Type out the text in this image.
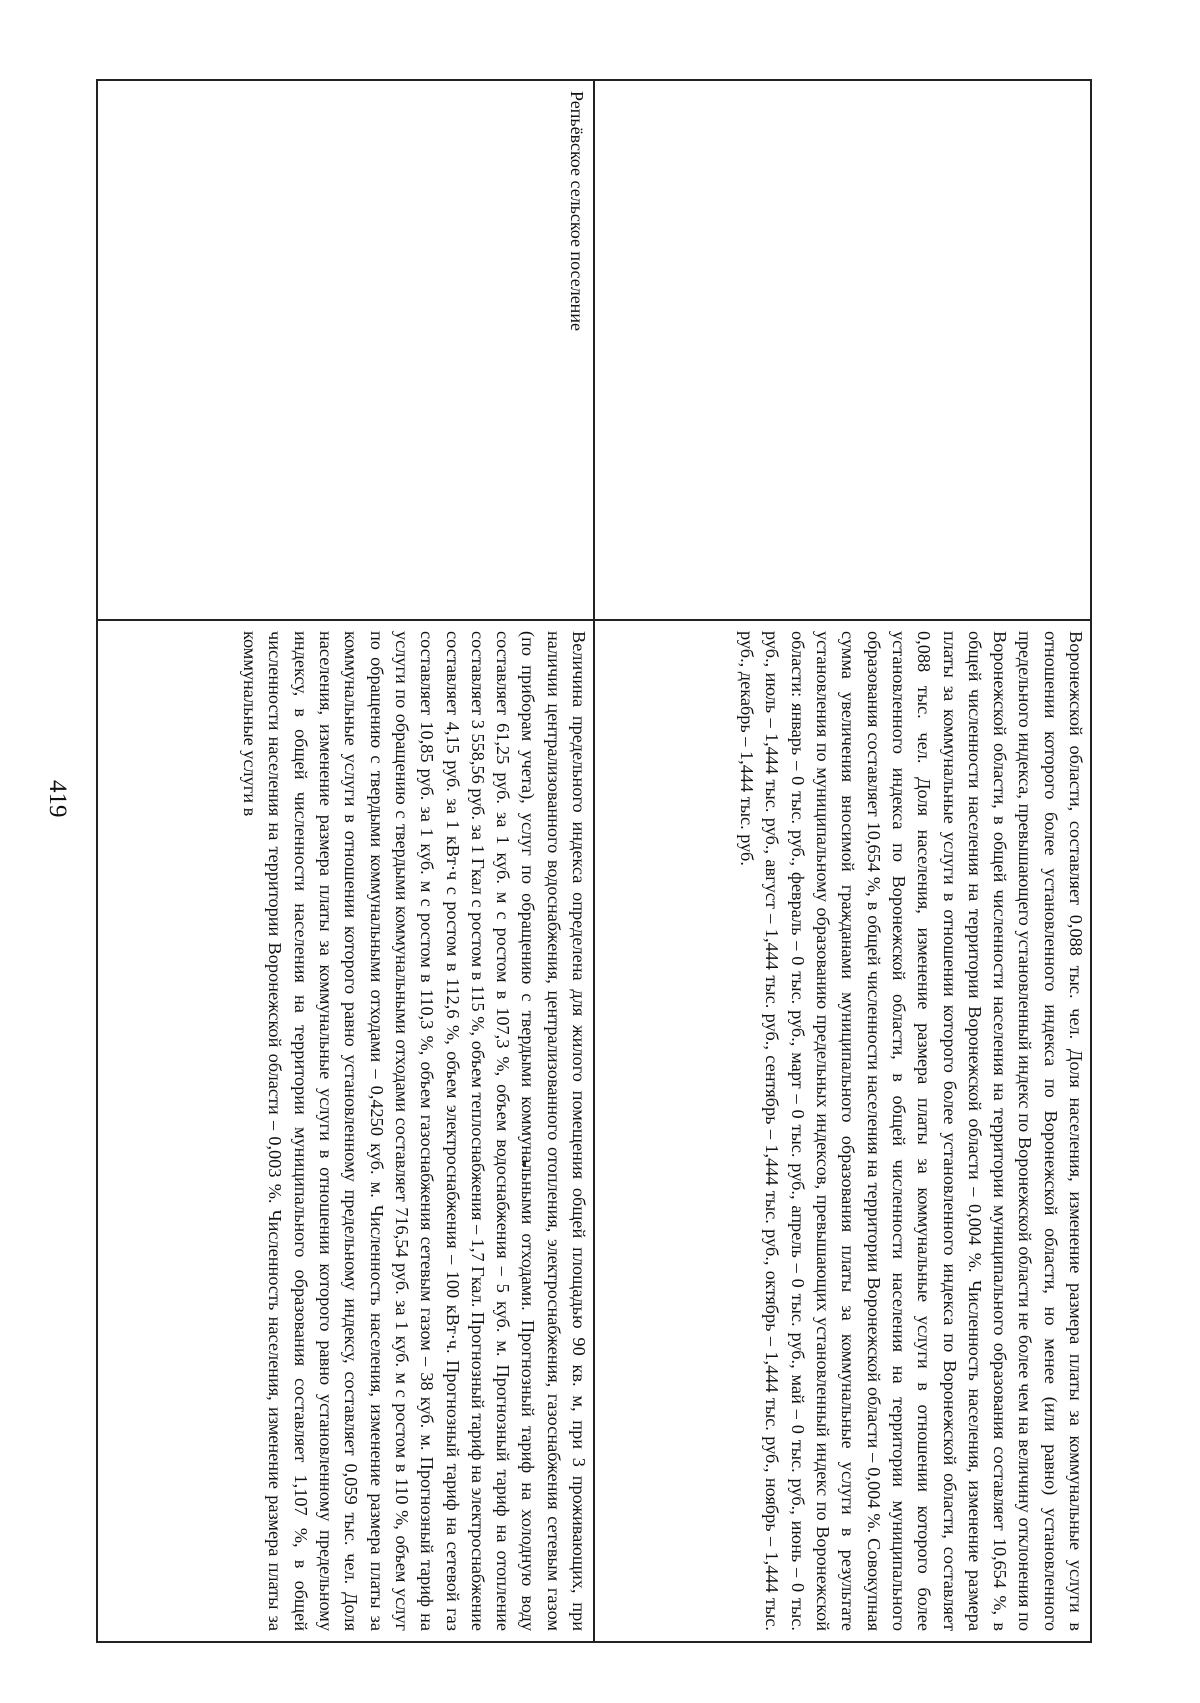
419	Воронежской области, составляет 0,088 тыс. чел. Доля населения, изменение размера платы за коммунальные услуги в отношении которого более установленного индекса по Воронежской области, но менее (или равно) установленного предельного индекса, превышающего установленный индекс по Воронежской области не более чем на величину отклонения по Воронежской области, в общей численности населения на территории муниципального образования составляет 10,654 %, в общей численности населения на территории Воронежской области – 0,004 %. Численность населения, изменение размера платы за коммунальные услуги в отношении которого более установленного индекса по Воронежской области, составляет 0,088 тыс. чел. Доля населения, изменение размера платы за коммунальные услуги в отношении которого более установленного индекса по Воронежской области, в общей численности населения на территории муниципального образования составляет 10,654 %, в общей численности населения на территории Воронежской области – 0,004 %. Совокупная сумма увеличения вносимой гражданами муниципального образования платы за коммунальные услуги в результате установления по муниципальному образованию предельных индексов, превышающих установленный индекс по Воронежской области: январь – 0 тыс. руб., февраль – 0 тыс. руб., март – 0 тыс. руб., апрель – 0 тыс. руб., май – 0 тыс. руб., июнь – 0 тыс. руб., июль – 1,444 тыс. руб., август – 1,444 тыс. руб., сентябрь – 1,444 тыс. руб., октябрь – 1,444 тыс. руб., ноябрь – 1,444 тыс. руб., декабрь – 1,444 тыс. руб.
Репьёвское сельское поселение
Величина предельного индекса определена для жилого помещения общей площадью 90 кв. м, при 3 проживающих, при наличии централизованного водоснабжения, централизованного отопления, электроснабжения, газоснабжения сетевым газом (по приборам учета), услуг по обращению с твердыми коммунальными отходами. Прогнозный тариф на холодную воду составляет 61,25 руб. за 1 куб. м с ростом в 107,3 %, объем водоснабжения – 5 куб. м. Прогнозный тариф на отопление составляет 3 558,56 руб. за 1 Гкал с ростом в 115 %, объем теплоснабжения – 1,7 Гкал. Прогнозный тариф на электроснабжение составляет 4,15 руб. за 1 кВт·ч с ростом в 112,6 %, объем электроснабжения – 100 кВт·ч. Прогнозный тариф на сетевой газ составляет 10,85 руб. за 1 куб. м с ростом в 110,3 %, объем газоснабжения сетевым газом – 38 куб. м. Прогнозный тариф на услуги по обращению с твердыми коммунальными отходами составляет 716,54 руб. за 1 куб. м с ростом в 110 %, объем услуг по обращению с твердыми коммунальными отходами – 0,4250 куб. м. Численность населения, изменение размера платы за коммунальные услуги в отношении которого равно установленному предельному индексу, составляет 0,059 тыс. чел. Доля населения, изменение размера платы за коммунальные услуги в отношении которого равно установленному предельному индексу, в общей численности населения на территории муниципального образования составляет 1,107 %, в общей численности населения на территории Воронежской области – 0,003 %. Численность населения, изменение размера платы за коммунальные услуги в
